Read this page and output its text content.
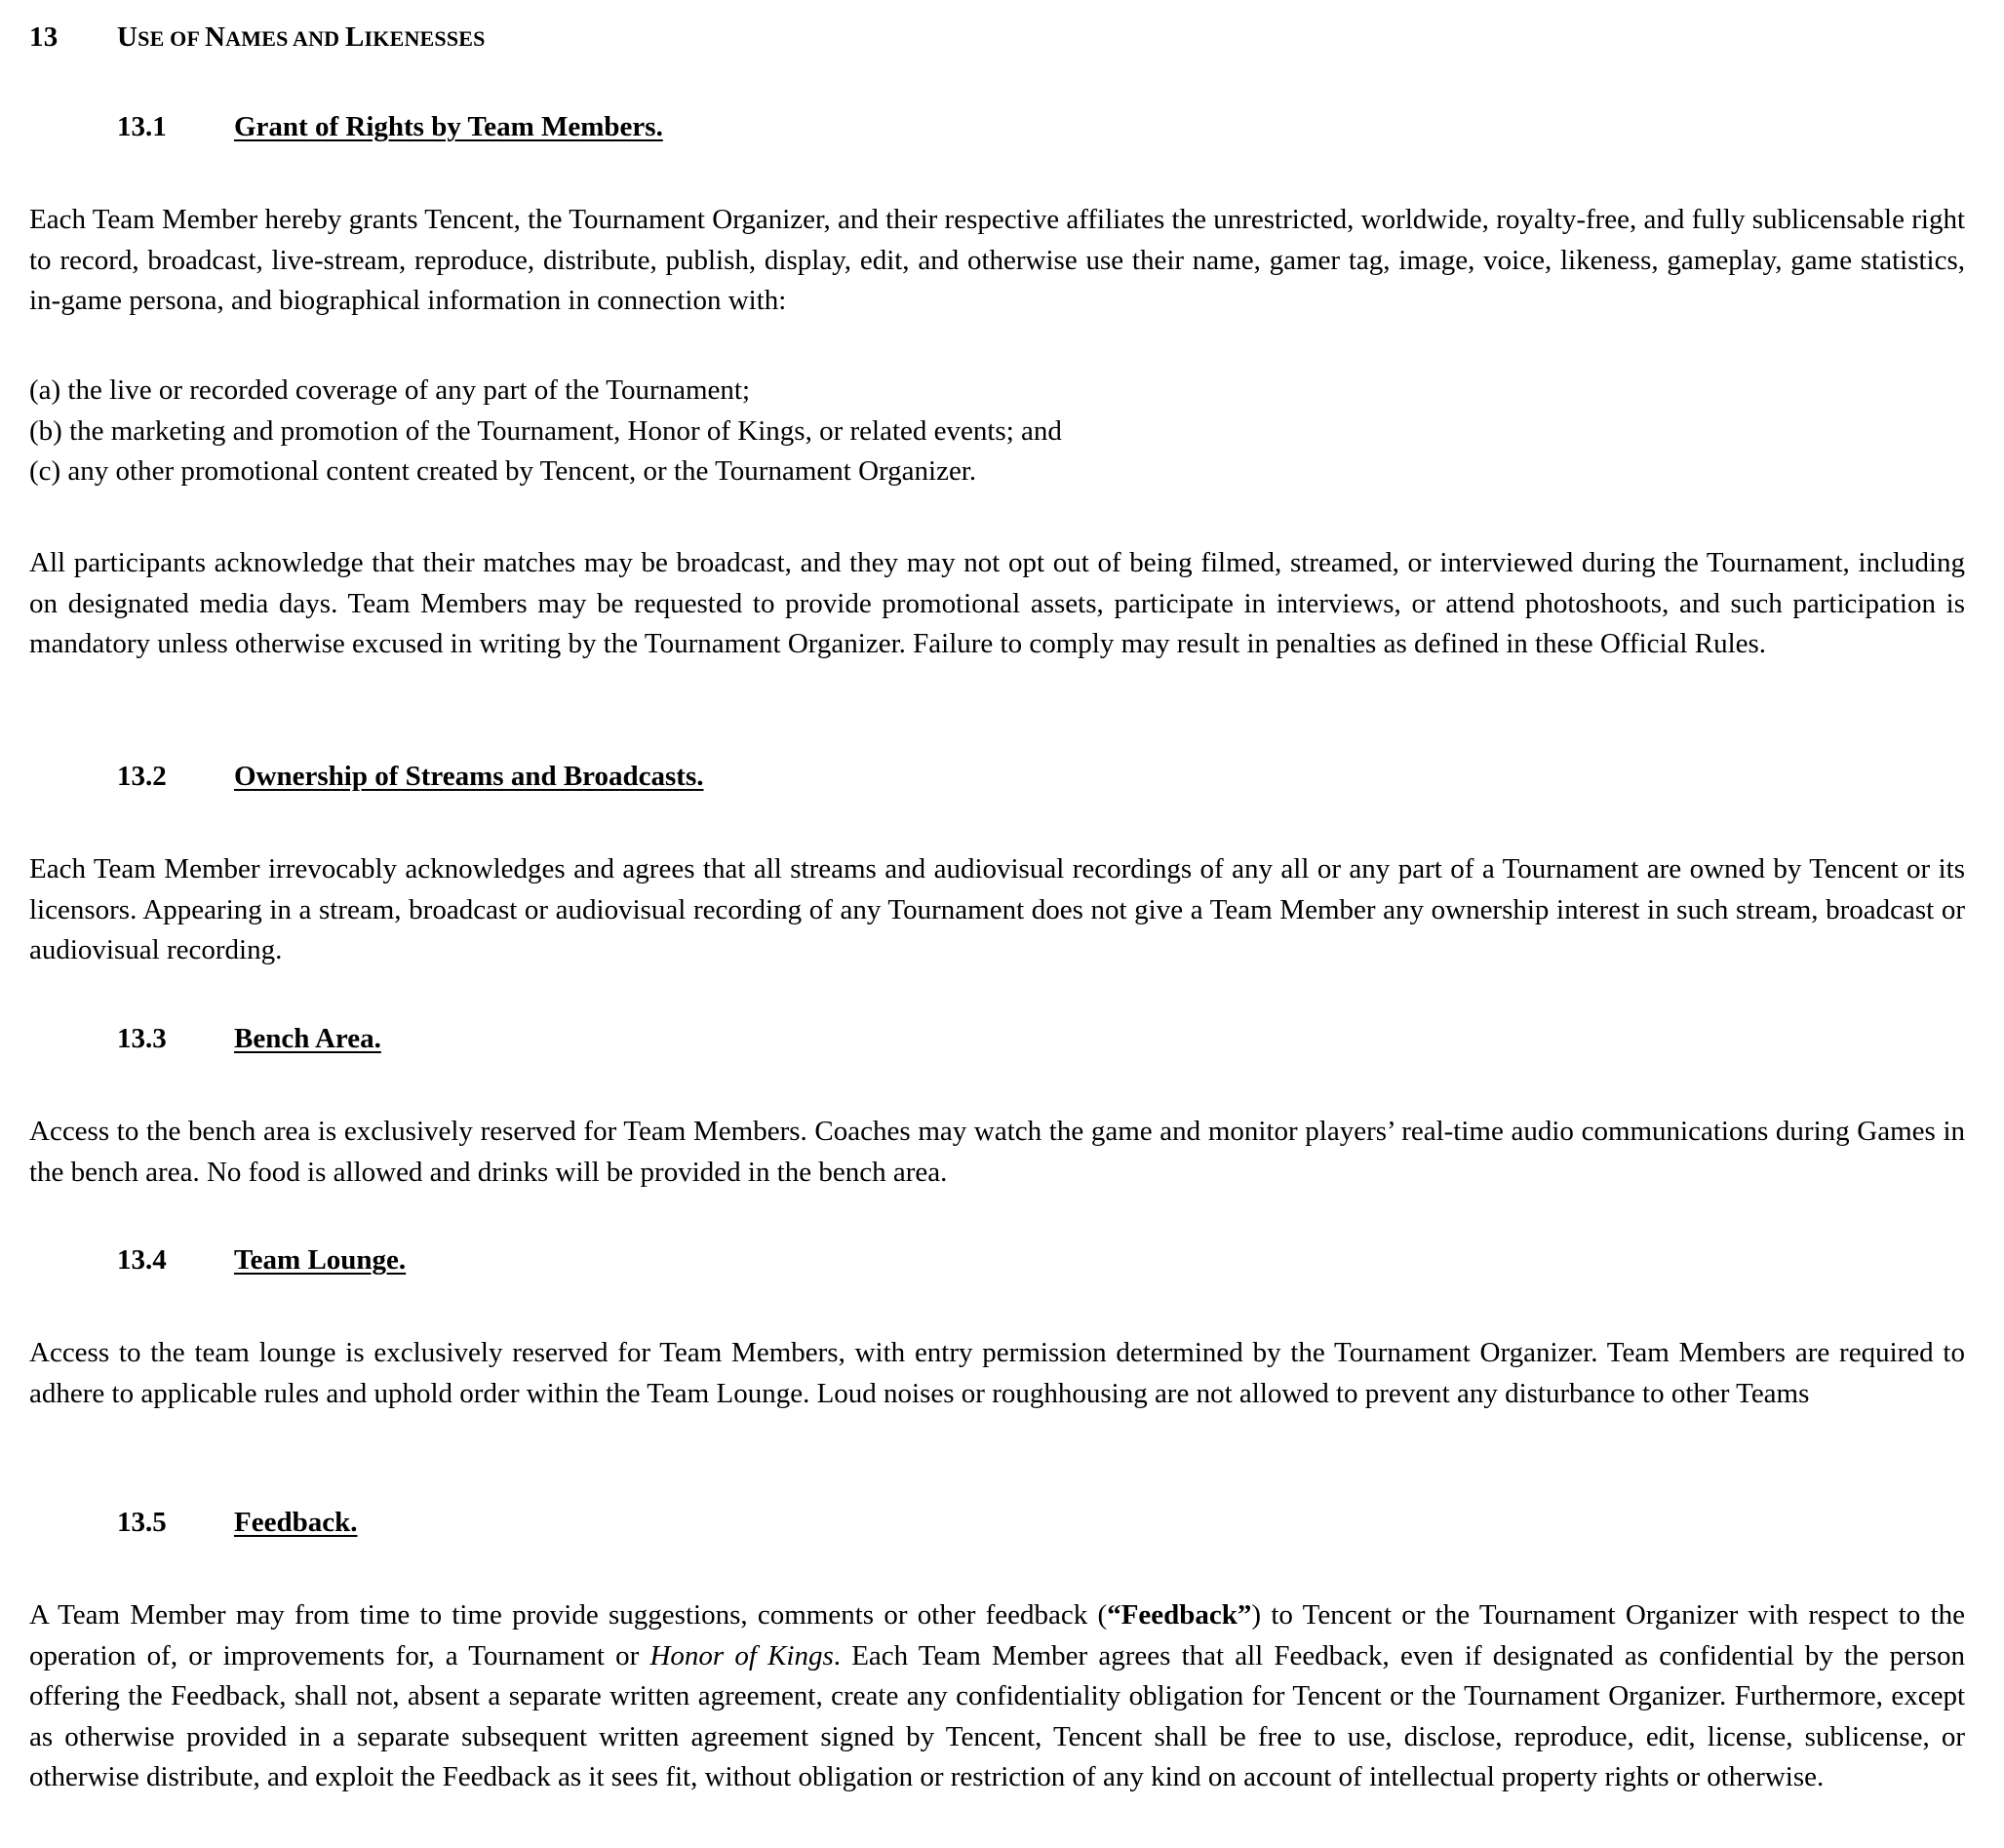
13 USE OF NAMES AND LIKENESSES
13.1 Grant of Rights by Team Members.

Each Team Member hereby grants Tencent, the Tournament Organizer, and their respective affiliates the unrestricted, worldwide, royalty-free, and fully sublicensable right to record, broadcast, live-stream, reproduce, distribute, publish, display, edit, and otherwise use their name, gamer tag, image, voice, likeness, gameplay, game statistics, in-game persona, and biographical information in connection with:

(a) the live or recorded coverage of any part of the Tournament;
(b) the marketing and promotion of the Tournament, Honor of Kings, or related events; and
(c) any other promotional content created by Tencent, or the Tournament Organizer.

All participants acknowledge that their matches may be broadcast, and they may not opt out of being filmed, streamed, or interviewed during the Tournament, including on designated media days. Team Members may be requested to provide promotional assets, participate in interviews, or attend photoshoots, and such participation is mandatory unless otherwise excused in writing by the Tournament Organizer. Failure to comply may result in penalties as defined in these Official Rules.

13.2 Ownership of Streams and Broadcasts.

Each Team Member irrevocably acknowledges and agrees that all streams and audiovisual recordings of any all or any part of a Tournament are owned by Tencent or its licensors. Appearing in a stream, broadcast or audiovisual recording of any Tournament does not give a Team Member any ownership interest in such stream, broadcast or audiovisual recording.

13.3 Bench Area.

Access to the bench area is exclusively reserved for Team Members. Coaches may watch the game and monitor players’ real-time audio communications during Games in the bench area. No food is allowed and drinks will be provided in the bench area.

13.4 Team Lounge.

Access to the team lounge is exclusively reserved for Team Members, with entry permission determined by the Tournament Organizer. Team Members are required to adhere to applicable rules and uphold order within the Team Lounge. Loud noises or roughhousing are not allowed to prevent any disturbance to other Teams

13.5 Feedback.

A Team Member may from time to time provide suggestions, comments or other feedback (“Feedback”) to Tencent or the Tournament Organizer with respect to the operation of, or improvements for, a Tournament or Honor of Kings. Each Team Member agrees that all Feedback, even if designated as confidential by the person offering the Feedback, shall not, absent a separate written agreement, create any confidentiality obligation for Tencent or the Tournament Organizer. Furthermore, except as otherwise provided in a separate subsequent written agreement signed by Tencent, Tencent shall be free to use, disclose, reproduce, edit, license, sublicense, or otherwise distribute, and exploit the Feedback as it sees fit, without obligation or restriction of any kind on account of intellectual property rights or otherwise.
